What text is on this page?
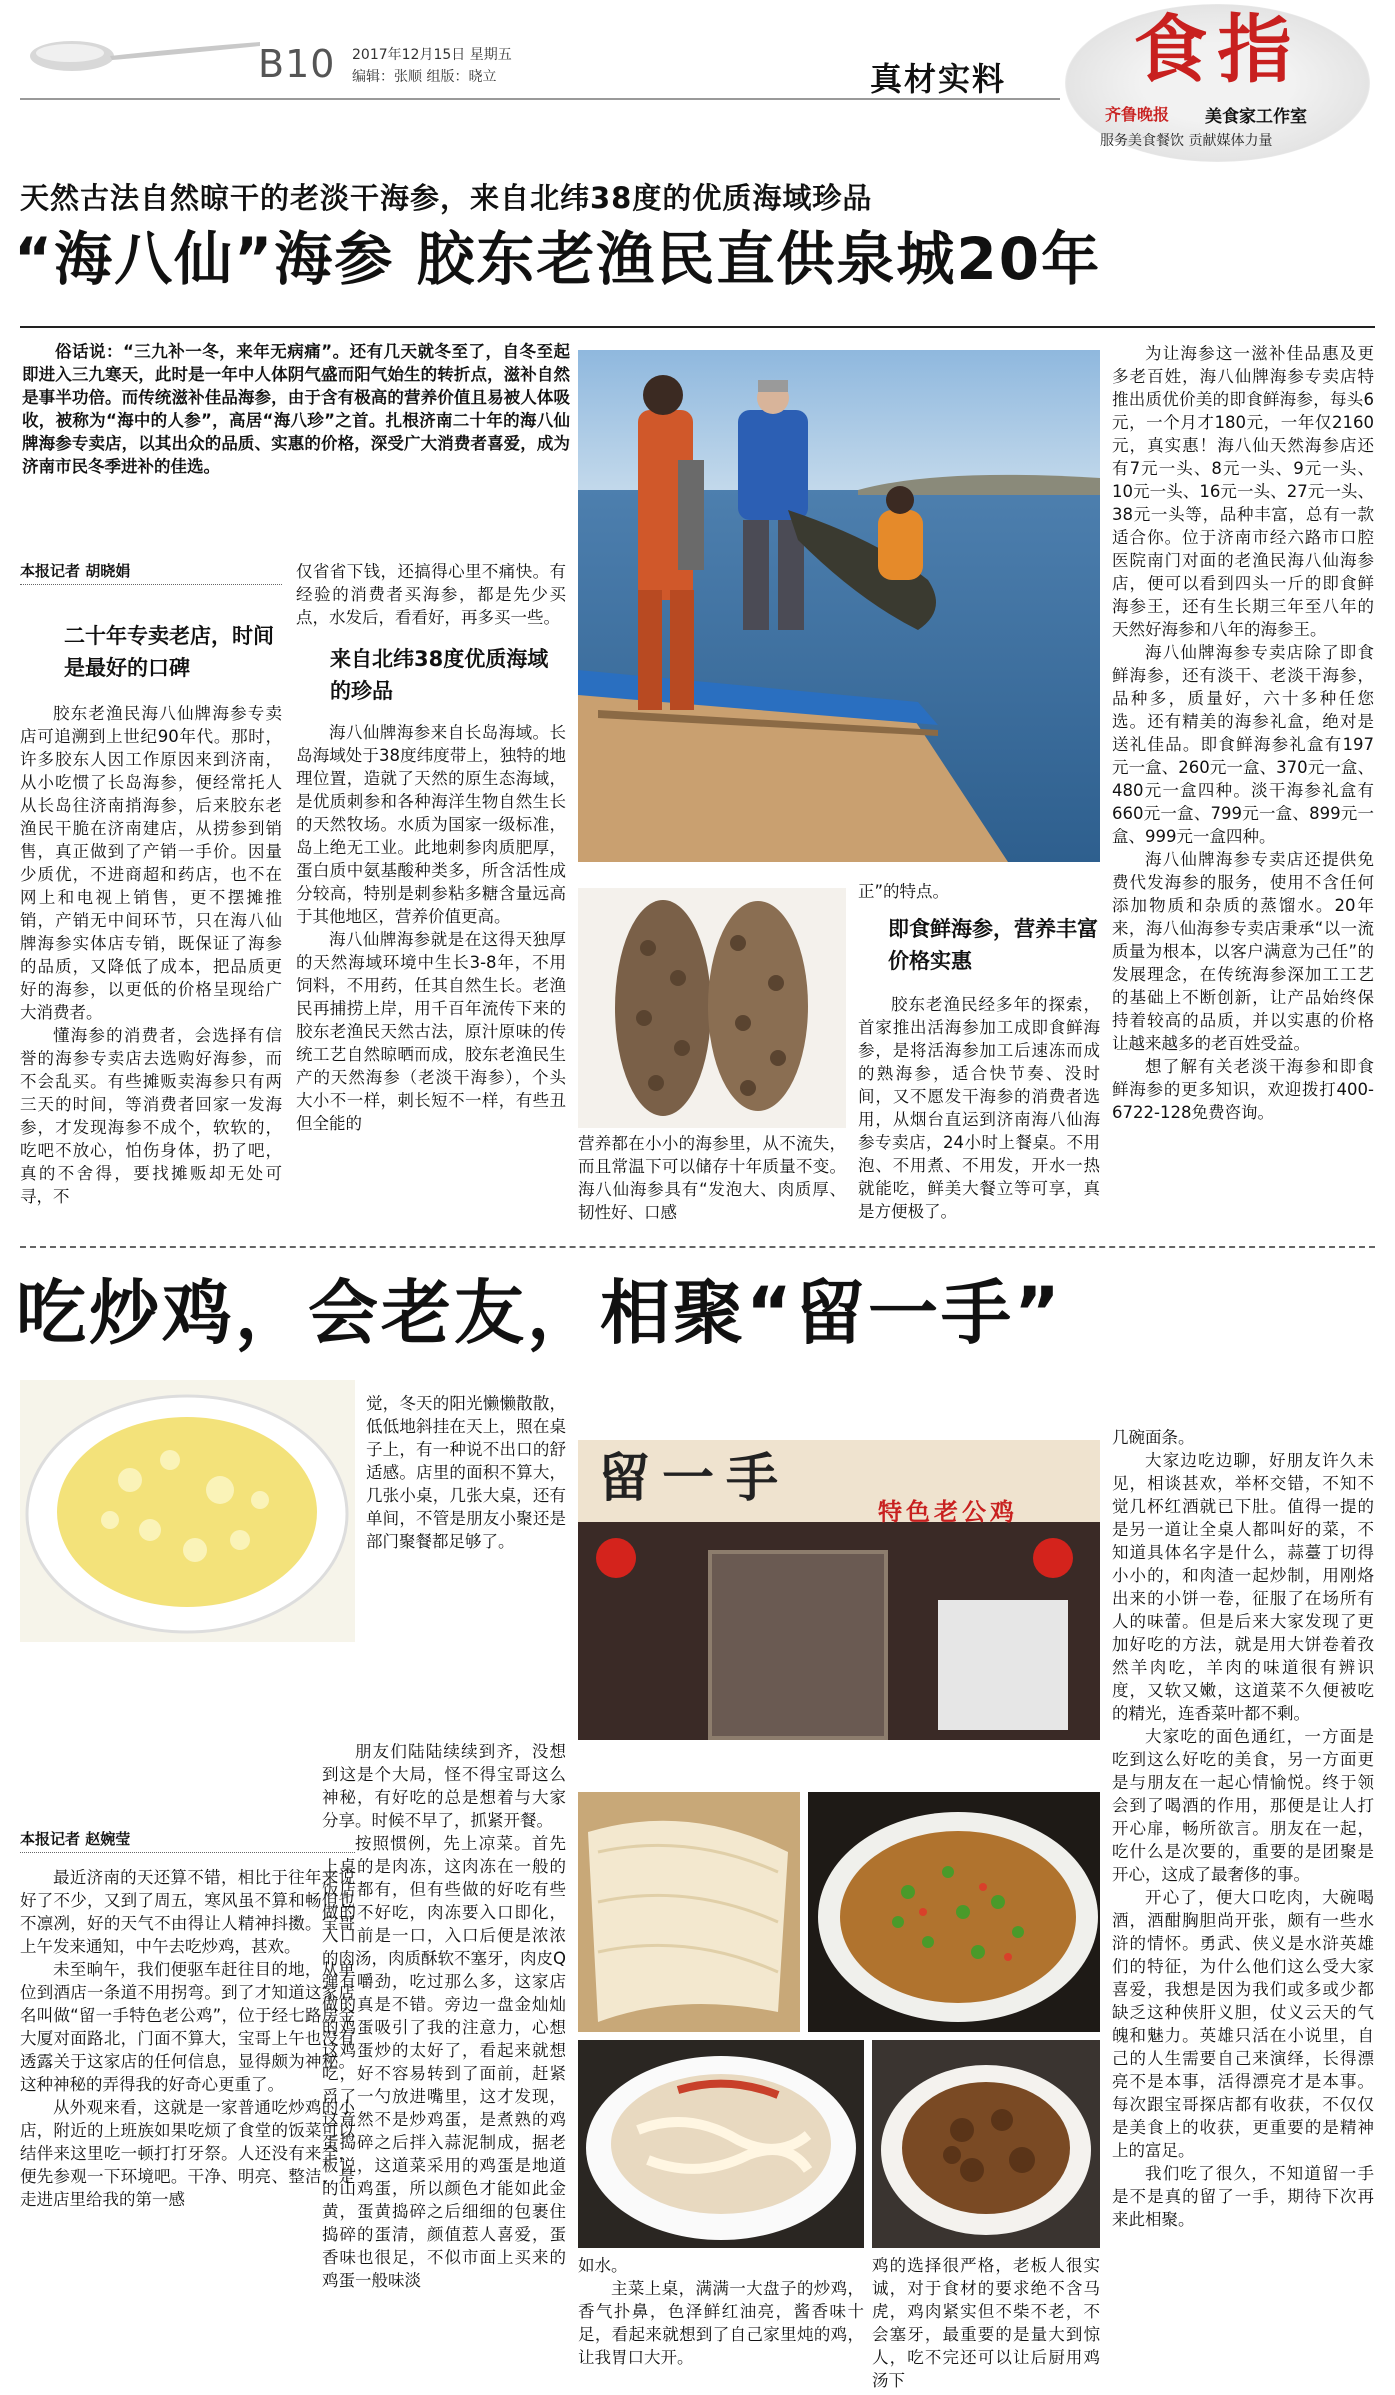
B10 2017年12月15日 星期五
编辑：张顺 组版：晓立	真材实料	食指
齐鲁晚报 美食家工作室
服务美食餐饮 贡献媒体力量
天然古法自然晾干的老淡干海参，来自北纬38度的优质海域珍品
“海八仙”海参 胶东老渔民直供泉城20年

俗话说：“三九补一冬，来年无病痛”。还有几天就冬至了，自冬至起即进入三九寒天，此时是一年中人体阴气盛而阳气始生的转折点，滋补自然是事半功倍。而传统滋补佳品海参，由于含有极高的营养价值且易被人体吸收，被称为“海中的人参”，高居“海八珍”之首。扎根济南二十年的海八仙牌海参专卖店，以其出众的品质、实惠的价格，深受广大消费者喜爱，成为济南市民冬季进补的佳选。

本报记者 胡晓娟
二十年专卖老店，时间是最好的口碑

胶东老渔民海八仙牌海参专卖店可追溯到上世纪90年代。那时，许多胶东人因工作原因来到济南，从小吃惯了长岛海参，便经常托人从长岛往济南捎海参，后来胶东老渔民干脆在济南建店，从捞参到销售，真正做到了产销一手价。因量少质优，不进商超和药店，也不在网上和电视上销售，更不摆摊推销，产销无中间环节，只在海八仙牌海参实体店专销，既保证了海参的品质，又降低了成本，把品质更好的海参，以更低的价格呈现给广大消费者。

懂海参的消费者，会选择有信誉的海参专卖店去选购好海参，而不会乱买。有些摊贩卖海参只有两三天的时间，等消费者回家一发海参，才发现海参不成个，软软的，吃吧不放心，怕伤身体，扔了吧，真的不舍得，要找摊贩却无处可寻，不

仅省省下钱，还搞得心里不痛快。有经验的消费者买海参，都是先少买点，水发后，看看好，再多买一些。

来自北纬38度优质海域的珍品

海八仙牌海参来自长岛海域。长岛海域处于38度纬度带上，独特的地理位置，造就了天然的原生态海域，是优质刺参和各种海洋生物自然生长的天然牧场。水质为国家一级标准，岛上绝无工业。此地刺参肉质肥厚，蛋白质中氨基酸种类多，所含活性成分较高，特别是刺参粘多糖含量远高于其他地区，营养价值更高。

海八仙牌海参就是在这得天独厚的天然海域环境中生长3-8年，不用饲料，不用药，任其自然生长。老渔民再捕捞上岸，用千百年流传下来的胶东老渔民天然古法，原汁原味的传统工艺自然晾晒而成，胶东老渔民生产的天然海参（老淡干海参），个头大小不一样，刺长短不一样，有些丑但全能的

营养都在小小的海参里，从不流失，而且常温下可以储存十年质量不变。海八仙海参具有“发泡大、肉质厚、韧性好、口感

正”的特点。

即食鲜海参，营养丰富价格实惠

胶东老渔民经多年的探索，首家推出活海参加工成即食鲜海参，是将活海参加工后速冻而成的熟海参，适合快节奏、没时间，又不愿发干海参的消费者选用，从烟台直运到济南海八仙海参专卖店，24小时上餐桌。不用泡、不用煮、不用发，开水一热就能吃，鲜美大餐立等可享，真是方便极了。

为让海参这一滋补佳品惠及更多老百姓，海八仙牌海参专卖店特推出质优价美的即食鲜海参，每头6元，一个月才180元，一年仅2160元，真实惠！海八仙天然海参店还有7元一头、8元一头、9元一头、10元一头、16元一头、27元一头、38元一头等，品种丰富，总有一款适合你。位于济南市经六路市口腔医院南门对面的老渔民海八仙海参店，便可以看到四头一斤的即食鲜海参王，还有生长期三年至八年的天然好海参和八年的海参王。

海八仙牌海参专卖店除了即食鲜海参，还有淡干、老淡干海参，品种多，质量好，六十多种任您选。还有精美的海参礼盒，绝对是送礼佳品。即食鲜海参礼盒有197元一盒、260元一盒、370元一盒、480元一盒四种。淡干海参礼盒有660元一盒、799元一盒、899元一盒、999元一盒四种。

海八仙牌海参专卖店还提供免费代发海参的服务，使用不含任何添加物质和杂质的蒸馏水。20年来，海八仙海参专卖店秉承“以一流质量为根本，以客户满意为己任”的发展理念，在传统海参深加工工艺的基础上不断创新，让产品始终保持着较高的品质，并以实惠的价格让越来越多的老百姓受益。

想了解有关老淡干海参和即食鲜海参的更多知识，欢迎拨打400-6722-128免费咨询。

吃炒鸡，会老友，相聚“留一手”
本报记者 赵婉莹

最近济南的天还算不错，相比于往年来说好了不少，又到了周五，寒风虽不算和畅但也不凛冽，好的天气不由得让人精神抖擞。宝哥上午发来通知，中午去吃炒鸡，甚欢。

未至晌午，我们便驱车赶往目的地，从单位到酒店一条道不用拐弯。到了才知道这家店名叫做“留一手特色老公鸡”，位于经七路房金大厦对面路北，门面不算大，宝哥上午也没有透露关于这家店的任何信息，显得颇为神秘。这种神秘的弄得我的好奇心更重了。

从外观来看，这就是一家普通吃炒鸡的小店，附近的上班族如果吃烦了食堂的饭菜可以结伴来这里吃一顿打打牙祭。人还没有来全，便先参观一下环境吧。干净、明亮、整洁，是走进店里给我的第一感

觉，冬天的阳光懒懒散散，低低地斜挂在天上，照在桌子上，有一种说不出口的舒适感。店里的面积不算大，几张小桌，几张大桌，还有单间，不管是朋友小聚还是部门聚餐都足够了。

朋友们陆陆续续到齐，没想到这是个大局，怪不得宝哥这么神秘，有好吃的总是想着与大家分享。时候不早了，抓紧开餐。

按照惯例，先上凉菜。首先上桌的是肉冻，这肉冻在一般的饭店都有，但有些做的好吃有些做的不好吃，肉冻要入口即化，入口前是一口，入口后便是浓浓的肉汤，肉质酥软不塞牙，肉皮Q弹有嚼劲，吃过那么多，这家店做的真是不错。旁边一盘金灿灿的鸡蛋吸引了我的注意力，心想这鸡蛋炒的太好了，看起来就想吃，好不容易转到了面前，赶紧舀了一勺放进嘴里，这才发现，这竟然不是炒鸡蛋，是煮熟的鸡蛋捣碎之后拌入蒜泥制成，据老板说，这道菜采用的鸡蛋是地道的山鸡蛋，所以颜色才能如此金黄，蛋黄捣碎之后细细的包裹住捣碎的蛋清，颜值惹人喜爱，蛋香味也很足，不似市面上买来的鸡蛋一般味淡

留一手
特色老公鸡

如水。

主菜上桌，满满一大盘子的炒鸡，香气扑鼻，色泽鲜红油亮，酱香味十足，看起来就想到了自己家里炖的鸡，让我胃口大开。

鸡的选择很严格，老板人很实诚，对于食材的要求绝不含马虎，鸡肉紧实但不柴不老，不会塞牙，最重要的是量大到惊人，吃不完还可以让后厨用鸡汤下

几碗面条。

大家边吃边聊，好朋友许久未见，相谈甚欢，举杯交错，不知不觉几杯红酒就已下肚。值得一提的是另一道让全桌人都叫好的菜，不知道具体名字是什么，蒜薹丁切得小小的，和肉渣一起炒制，用刚烙出来的小饼一卷，征服了在场所有人的味蕾。但是后来大家发现了更加好吃的方法，就是用大饼卷着孜然羊肉吃，羊肉的味道很有辨识度，又软又嫩，这道菜不久便被吃的精光，连香菜叶都不剩。

大家吃的面色通红，一方面是吃到这么好吃的美食，另一方面更是与朋友在一起心情愉悦。终于领会到了喝酒的作用，那便是让人打开心扉，畅所欲言。朋友在一起，吃什么是次要的，重要的是团聚是开心，这成了最奢侈的事。

开心了，便大口吃肉，大碗喝酒，酒酣胸胆尚开张，颇有一些水浒的情怀。勇武、侠义是水浒英雄们的特征，为什么他们这么受大家喜爱，我想是因为我们或多或少都缺乏这种侠肝义胆，仗义云天的气魄和魅力。英雄只活在小说里，自己的人生需要自己来演绎，长得漂亮不是本事，活得漂亮才是本事。每次跟宝哥探店都有收获，不仅仅是美食上的收获，更重要的是精神上的富足。

我们吃了很久，不知道留一手是不是真的留了一手，期待下次再来此相聚。
